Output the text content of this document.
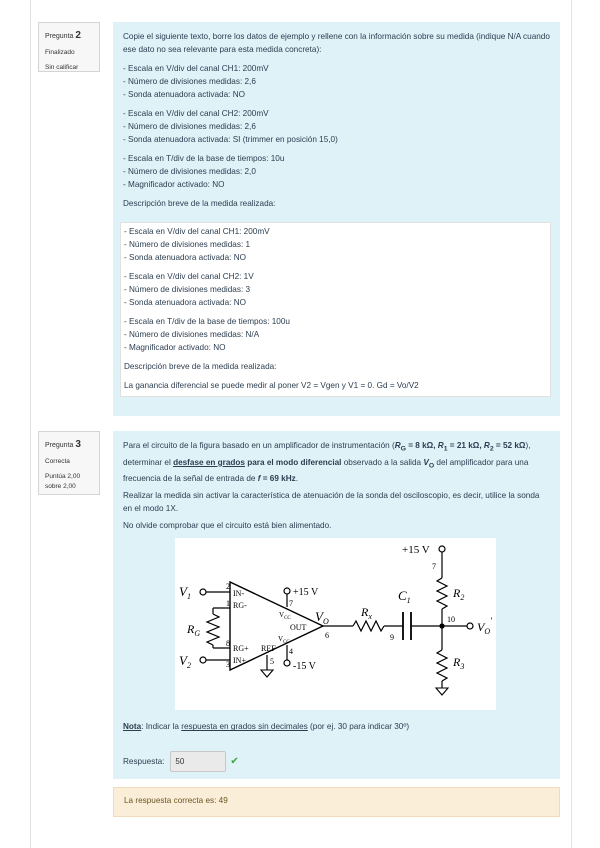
Pregunta 2
Finalizado
Sin calificar

Copie el siguiente texto, borre los datos de ejemplo y rellene con la información sobre su medida (indique N/A cuando ese dato no sea relevante para esta medida concreta):

- Escala en V/div del canal CH1: 200mV
- Número de divisiones medidas: 2,6
- Sonda atenuadora activada: NO
- Escala en V/div del canal CH2: 200mV
- Número de divisiones medidas: 2,6
- Sonda atenuadora activada: SI (trimmer en posición 15,0)
- Escala en T/div de la base de tiempos: 10u
- Número de divisiones medidas: 2,0
- Magnificador activado: NO
Descripción breve de la medida realizada:
- Escala en V/div del canal CH1: 200mV
- Número de divisiones medidas: 1
- Sonda atenuadora activada: NO
- Escala en V/div del canal CH2: 1V
- Número de divisiones medidas: 3
- Sonda atenuadora activada: NO
- Escala en T/div de la base de tiempos: 100u
- Número de divisiones medidas: N/A
- Magnificador activado: NO
Descripción breve de la medida realizada:
La ganancia diferencial se puede medir al poner V2 = Vgen y V1 = 0. Gd = Vo/V2
Pregunta 3
Correcta
Puntúa 2,00
sobre 2,00

Para el circuito de la figura basado en un amplificador de instrumentación ($R_G = 8$ kΩ, $R_1 = 21$ kΩ, $R_2 = 52$ kΩ), determinar el desfase en grados para el modo diferencial observado a la salida $V_O$ del amplificador para una frecuencia de la señal de entrada de f = 69 kHz.

Realizar la medida sin activar la característica de atenuación de la sonda del osciloscopio, es decir, utilice la sonda en el modo 1X.

No olvide comprobar que el circuito está bien alimentado.

+15 V
7
$R_2$
$R_3$
10
$V_O'$
$C_1$
9
$R_x$
$V_O$
6
+15 V
-15 V
$V_1$
$V_2$
$R_G$
2
1
8
3
IN-
RG-
RG+
IN+
7
$V_{CC}$
OUT
$V_{CC}$
REF 4
5

Nota: Indicar la respuesta en grados sin decimales (por ej. 30 para indicar 30º)

Respuesta:	50	✔
La respuesta correcta es: 49
